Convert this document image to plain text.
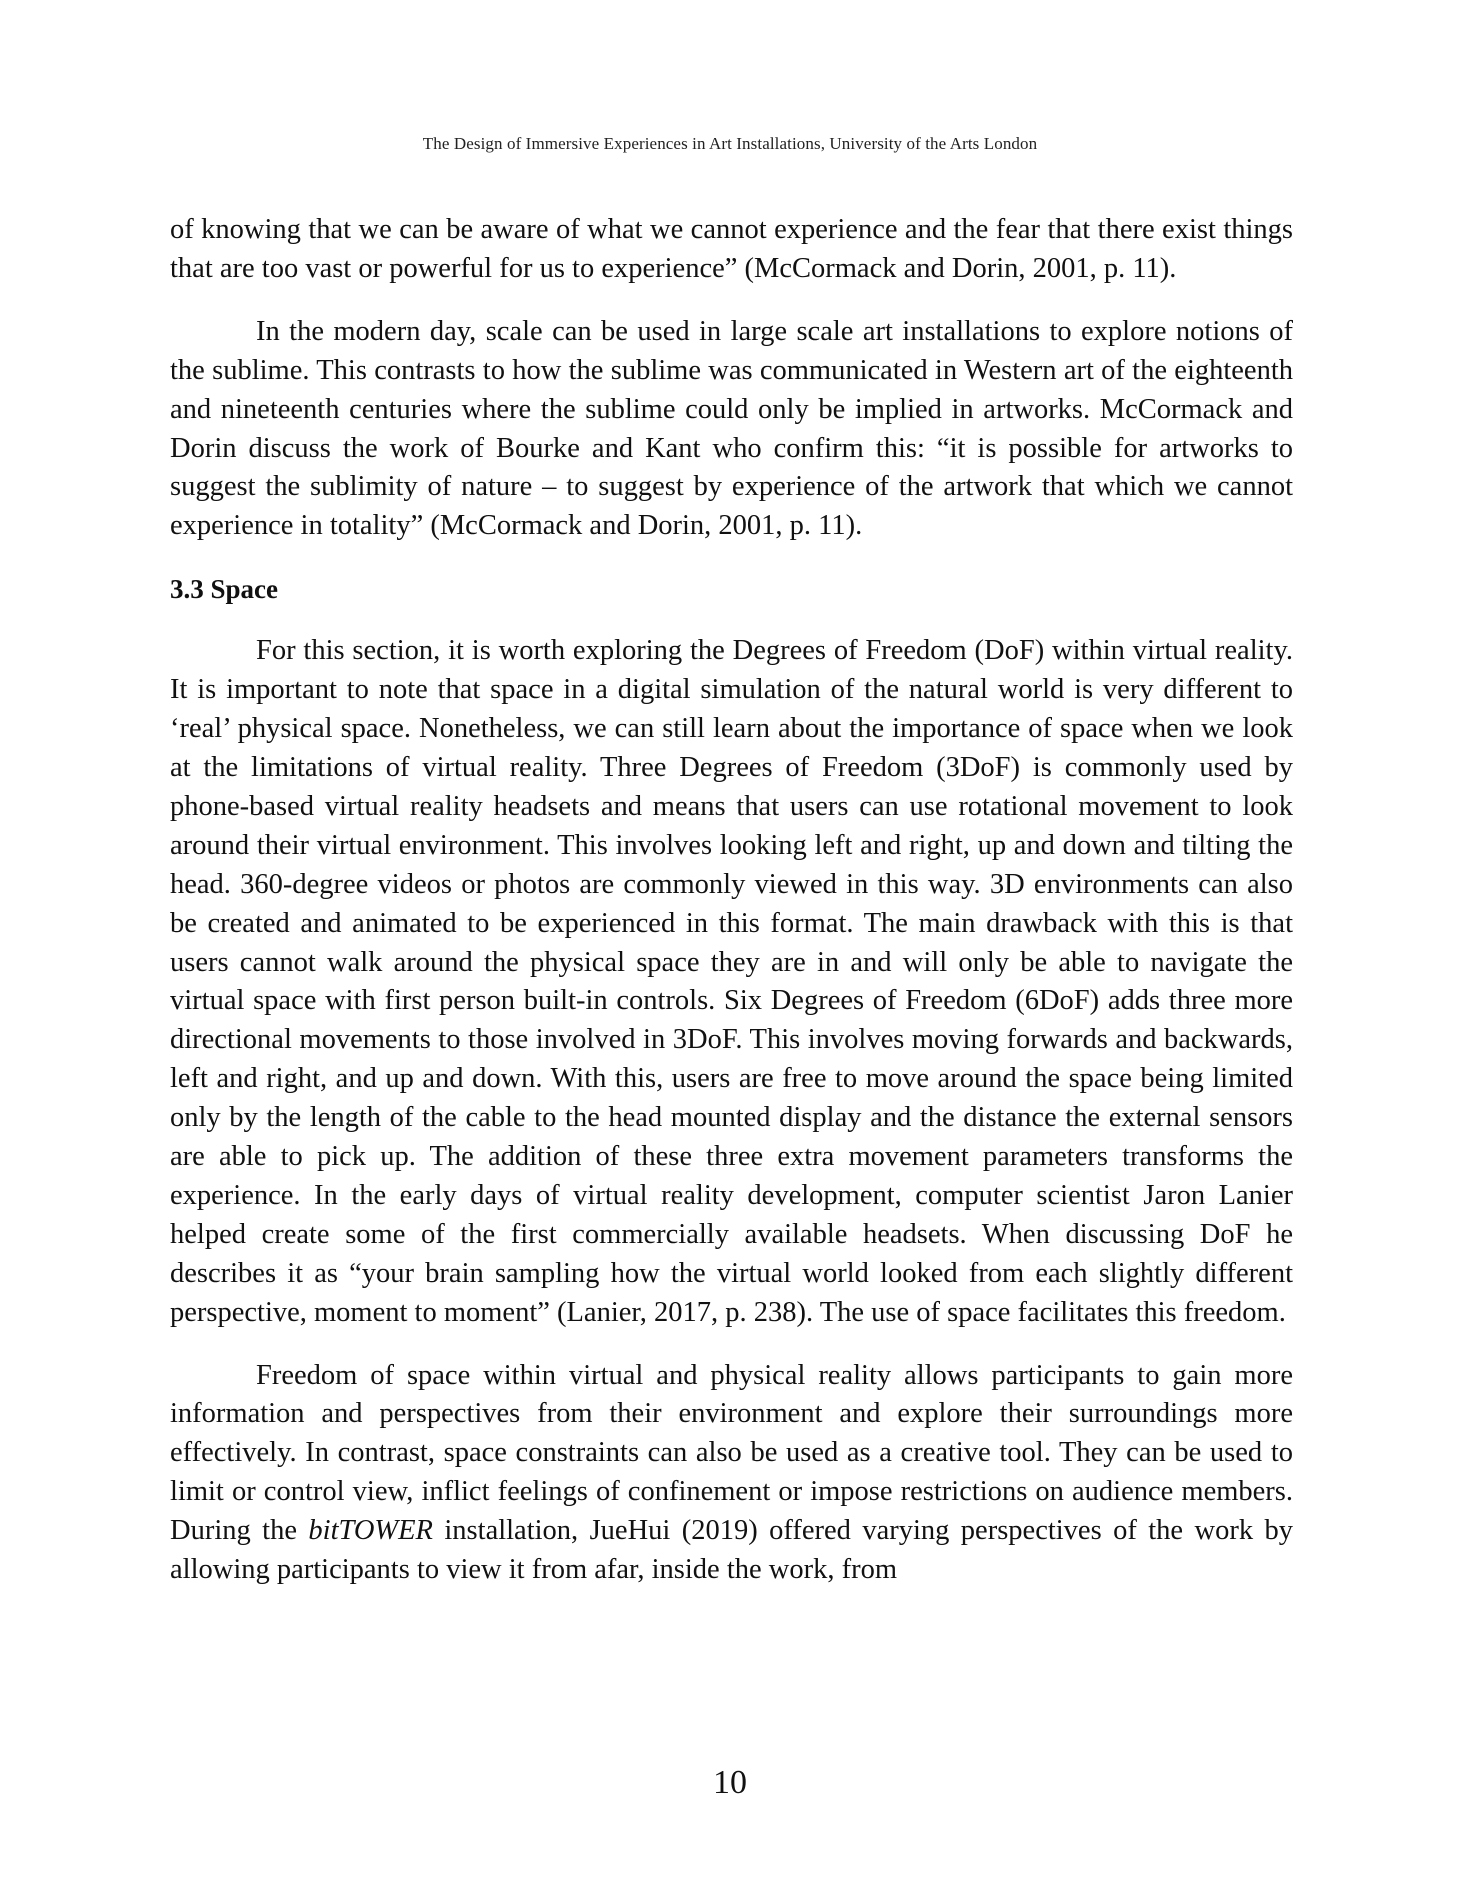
The Design of Immersive Experiences in Art Installations, University of the Arts London

of knowing that we can be aware of what we cannot experience and the fear that there exist things that are too vast or powerful for us to experience” (McCormack and Dorin, 2001, p. 11).

In the modern day, scale can be used in large scale art installations to explore notions of the sublime. This contrasts to how the sublime was communicated in Western art of the eighteenth and nineteenth centuries where the sublime could only be implied in artworks. McCormack and Dorin discuss the work of Bourke and Kant who confirm this: “it is possible for artworks to suggest the sublimity of nature – to suggest by experience of the artwork that which we cannot experience in totality” (McCormack and Dorin, 2001, p. 11).

3.3 Space

For this section, it is worth exploring the Degrees of Freedom (DoF) within virtual reality. It is important to note that space in a digital simulation of the natural world is very different to ‘real’ physical space. Nonetheless, we can still learn about the importance of space when we look at the limitations of virtual reality. Three Degrees of Freedom (3DoF) is commonly used by phone-based virtual reality headsets and means that users can use rotational movement to look around their virtual environment. This involves looking left and right, up and down and tilting the head. 360-degree videos or photos are commonly viewed in this way. 3D environments can also be created and animated to be experienced in this format. The main drawback with this is that users cannot walk around the physical space they are in and will only be able to navigate the virtual space with first person built-in controls. Six Degrees of Freedom (6DoF) adds three more directional movements to those involved in 3DoF. This involves moving forwards and backwards, left and right, and up and down. With this, users are free to move around the space being limited only by the length of the cable to the head mounted display and the distance the external sensors are able to pick up. The addition of these three extra movement parameters transforms the experience. In the early days of virtual reality development, computer scientist Jaron Lanier helped create some of the first commercially available headsets. When discussing DoF he describes it as “your brain sampling how the virtual world looked from each slightly different perspective, moment to moment” (Lanier, 2017, p. 238). The use of space facilitates this freedom.

Freedom of space within virtual and physical reality allows participants to gain more information and perspectives from their environment and explore their surroundings more effectively. In contrast, space constraints can also be used as a creative tool. They can be used to limit or control view, inflict feelings of confinement or impose restrictions on audience members. During the bitTOWER installation, JueHui (2019) offered varying perspectives of the work by allowing participants to view it from afar, inside the work, from

10
